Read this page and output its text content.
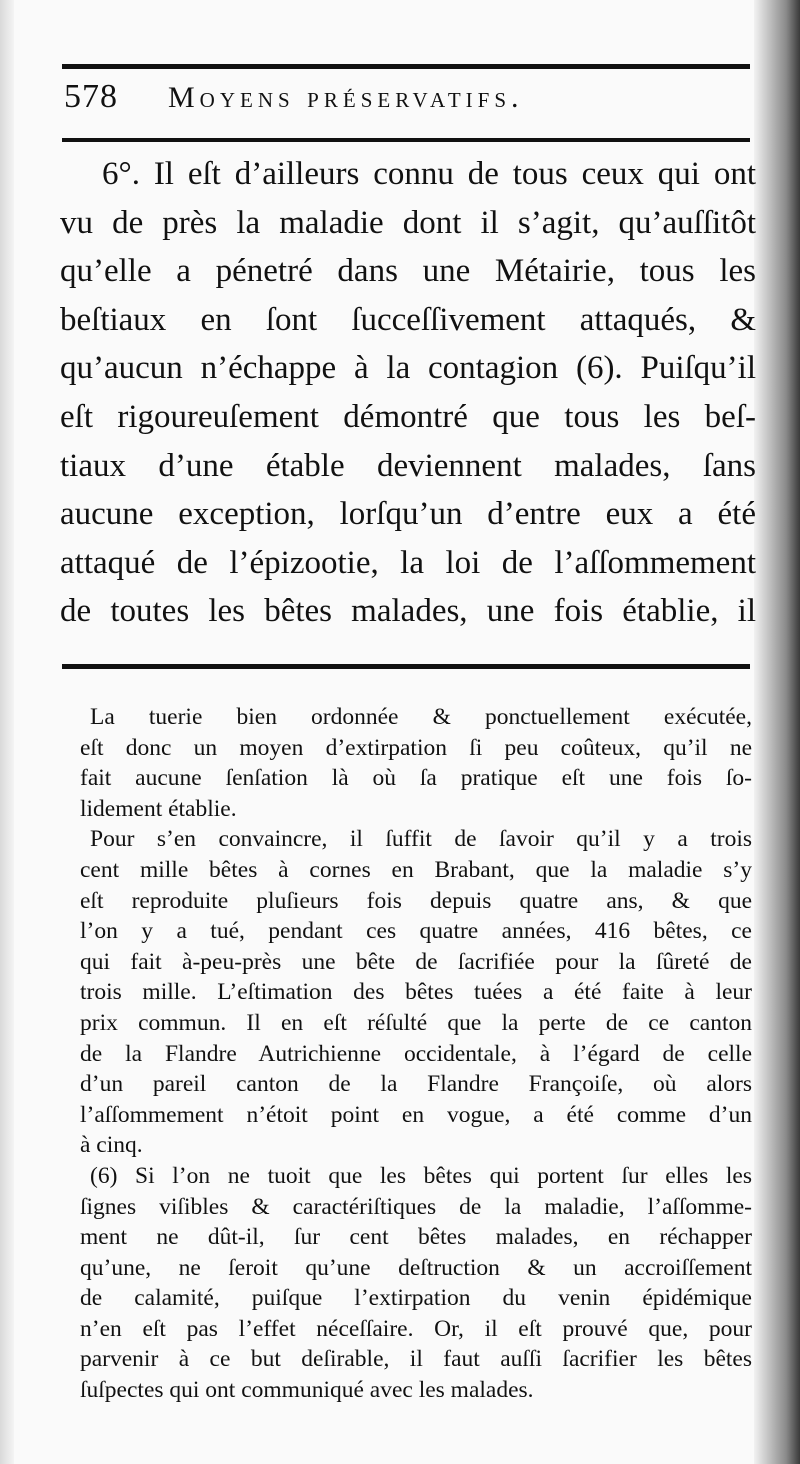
578	Moyens préservatifs.
6°. Il eſt d’ailleurs connu de tous ceux qui ont
vu de près la maladie dont il s’agit, qu’auſſitôt
qu’elle a pénetré dans une Métairie, tous les
beſtiaux en ſont ſucceſſivement attaqués, &
qu’aucun n’échappe à la contagion (6). Puiſqu’il
eſt rigoureuſement démontré que tous les beſ-
tiaux d’une étable deviennent malades, ſans
aucune exception, lorſqu’un d’entre eux a été
attaqué de l’épizootie, la loi de l’aſſommement
de toutes les bêtes malades, une fois établie, il
La tuerie bien ordonnée & ponctuellement exécutée,
eſt donc un moyen d’extirpation ſi peu coûteux, qu’il ne
fait aucune ſenſation là où ſa pratique eſt une fois ſo-
lidement établie.
Pour s’en convaincre, il ſuffit de ſavoir qu’il y a trois
cent mille bêtes à cornes en Brabant, que la maladie s’y
eſt reproduite pluſieurs fois depuis quatre ans, & que
l’on y a tué, pendant ces quatre années, 416 bêtes, ce
qui fait à-peu-près une bête de ſacrifiée pour la ſûreté de
trois mille. L’eſtimation des bêtes tuées a été faite à leur
prix commun. Il en eſt réſulté que la perte de ce canton
de la Flandre Autrichienne occidentale, à l’égard de celle
d’un pareil canton de la Flandre Françoiſe, où alors
l’aſſommement n’étoit point en vogue, a été comme d’un
à cinq.
(6) Si l’on ne tuoit que les bêtes qui portent ſur elles les
ſignes viſibles & caractériſtiques de la maladie, l’aſſomme-
ment ne dût-il, ſur cent bêtes malades, en réchapper
qu’une, ne ſeroit qu’une deſtruction & un accroiſſement
de calamité, puiſque l’extirpation du venin épidémique
n’en eſt pas l’effet néceſſaire. Or, il eſt prouvé que, pour
parvenir à ce but deſirable, il faut auſſi ſacrifier les bêtes
ſuſpectes qui ont communiqué avec les malades.
